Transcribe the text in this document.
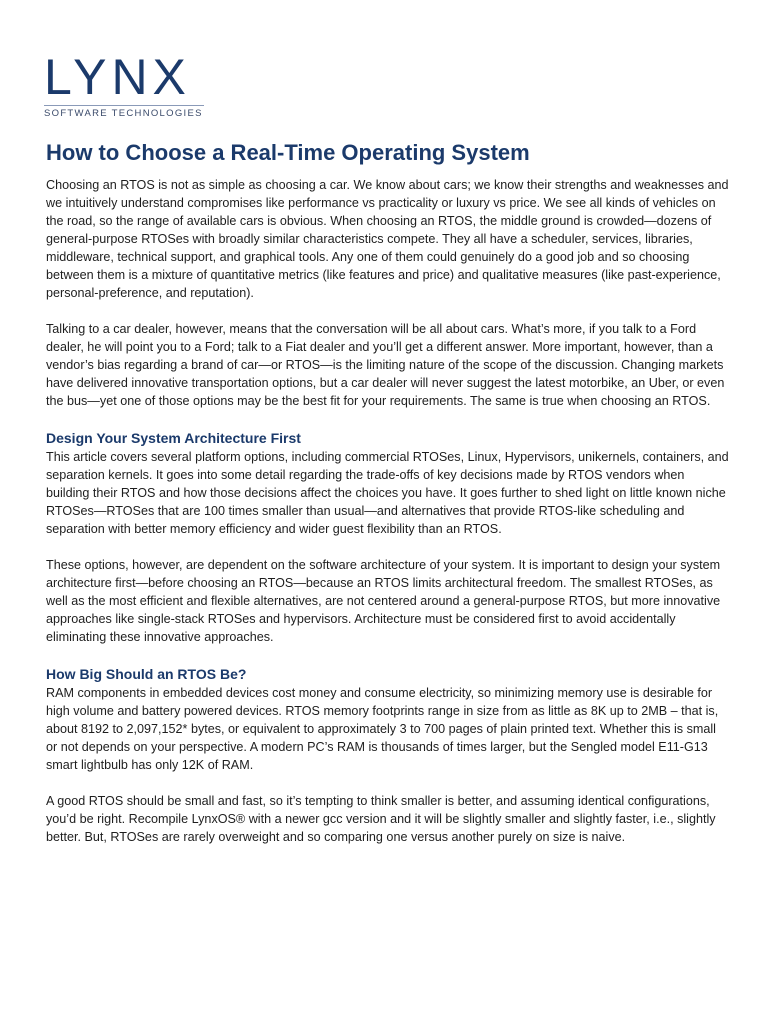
LYNX
SOFTWARE TECHNOLOGIES
How to Choose a Real-Time Operating System

Choosing an RTOS is not as simple as choosing a car. We know about cars; we know their strengths and weaknesses and we intuitively understand compromises like performance vs practicality or luxury vs price. We see all kinds of vehicles on the road, so the range of available cars is obvious. When choosing an RTOS, the middle ground is crowded—dozens of general-purpose RTOSes with broadly similar characteristics compete. They all have a scheduler, services, libraries, middleware, technical support, and graphical tools. Any one of them could genuinely do a good job and so choosing between them is a mixture of quantitative metrics (like features and price) and qualitative measures (like past-experience, personal-preference, and reputation).

Talking to a car dealer, however, means that the conversation will be all about cars. What’s more, if you talk to a Ford dealer, he will point you to a Ford; talk to a Fiat dealer and you’ll get a different answer. More important, however, than a vendor’s bias regarding a brand of car—or RTOS—is the limiting nature of the scope of the discussion. Changing markets have delivered innovative transportation options, but a car dealer will never suggest the latest motorbike, an Uber, or even the bus—yet one of those options may be the best fit for your requirements. The same is true when choosing an RTOS.

Design Your System Architecture First

This article covers several platform options, including commercial RTOSes, Linux, Hypervisors, unikernels, containers, and separation kernels. It goes into some detail regarding the trade-offs of key decisions made by RTOS vendors when building their RTOS and how those decisions affect the choices you have. It goes further to shed light on little known niche RTOSes—RTOSes that are 100 times smaller than usual—and alternatives that provide RTOS-like scheduling and separation with better memory efficiency and wider guest flexibility than an RTOS.

These options, however, are dependent on the software architecture of your system. It is important to design your system architecture first—before choosing an RTOS—because an RTOS limits architectural freedom. The smallest RTOSes, as well as the most efficient and flexible alternatives, are not centered around a general-purpose RTOS, but more innovative approaches like single-stack RTOSes and hypervisors. Architecture must be considered first to avoid accidentally eliminating these innovative approaches.

How Big Should an RTOS Be?

RAM components in embedded devices cost money and consume electricity, so minimizing memory use is desirable for high volume and battery powered devices. RTOS memory footprints range in size from as little as 8K up to 2MB – that is, about 8192 to 2,097,152* bytes, or equivalent to approximately 3 to 700 pages of plain printed text. Whether this is small or not depends on your perspective. A modern PC’s RAM is thousands of times larger, but the Sengled model E11-G13 smart lightbulb has only 12K of RAM.

A good RTOS should be small and fast, so it’s tempting to think smaller is better, and assuming identical configurations, you’d be right. Recompile LynxOS® with a newer gcc version and it will be slightly smaller and slightly faster, i.e., slightly better. But, RTOSes are rarely overweight and so comparing one versus another purely on size is naive.
